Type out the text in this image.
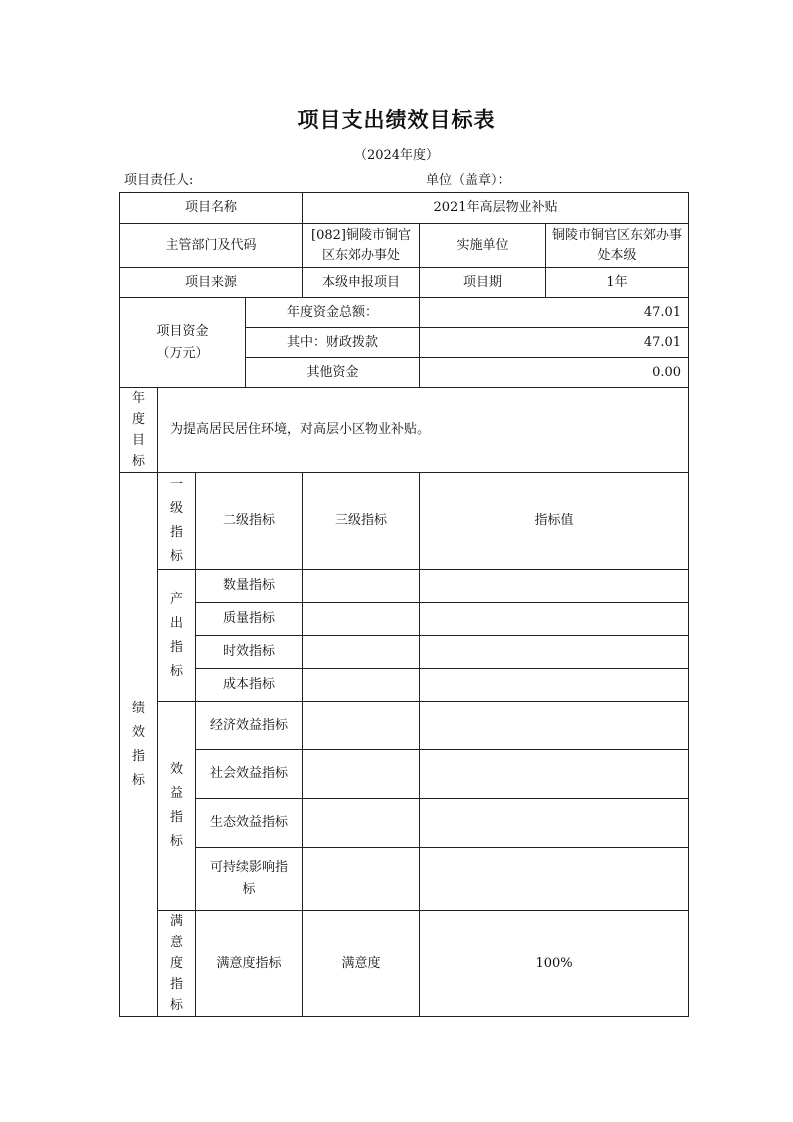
项目支出绩效目标表
（2024年度）
项目责任人:	单位（盖章）：
项目名称				2021年高层物业补贴		
主管部门及代码				[082]铜陵市铜官区东郊办事处	实施单位	铜陵市铜官区东郊办事处本级
项目来源				本级申报项目	项目期	1年

项目资金（万元）			年度资金总额：		47.01	
			其中：财政拨款		47.01	
			其他资金		0.00	

年度目标	为提高居民居住环境，对高层小区物业补贴。					

绩效指标	一级指标	二级指标		三级指标	指标值	

	产出指标	数量指标				
		质量指标				
		时效指标				
		成本指标				

	效益指标	经济效益指标				
		社会效益指标				
		生态效益指标				

		可持续影响指标				

	满意度指标	满意度指标		满意度	100%	
